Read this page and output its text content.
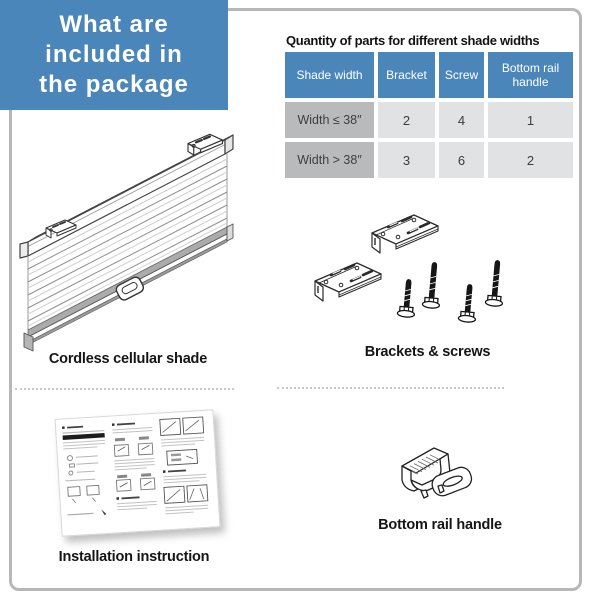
What are
included in
the package
Quantity of parts for different shade widths
Shade width	Bracket	Screw	Bottom rail handle
Width ≤ 38″	2	4	1
Width > 38″	3	6	2
Cordless cellular shade	Brackets & screws
Installation instruction
Bottom rail handle
